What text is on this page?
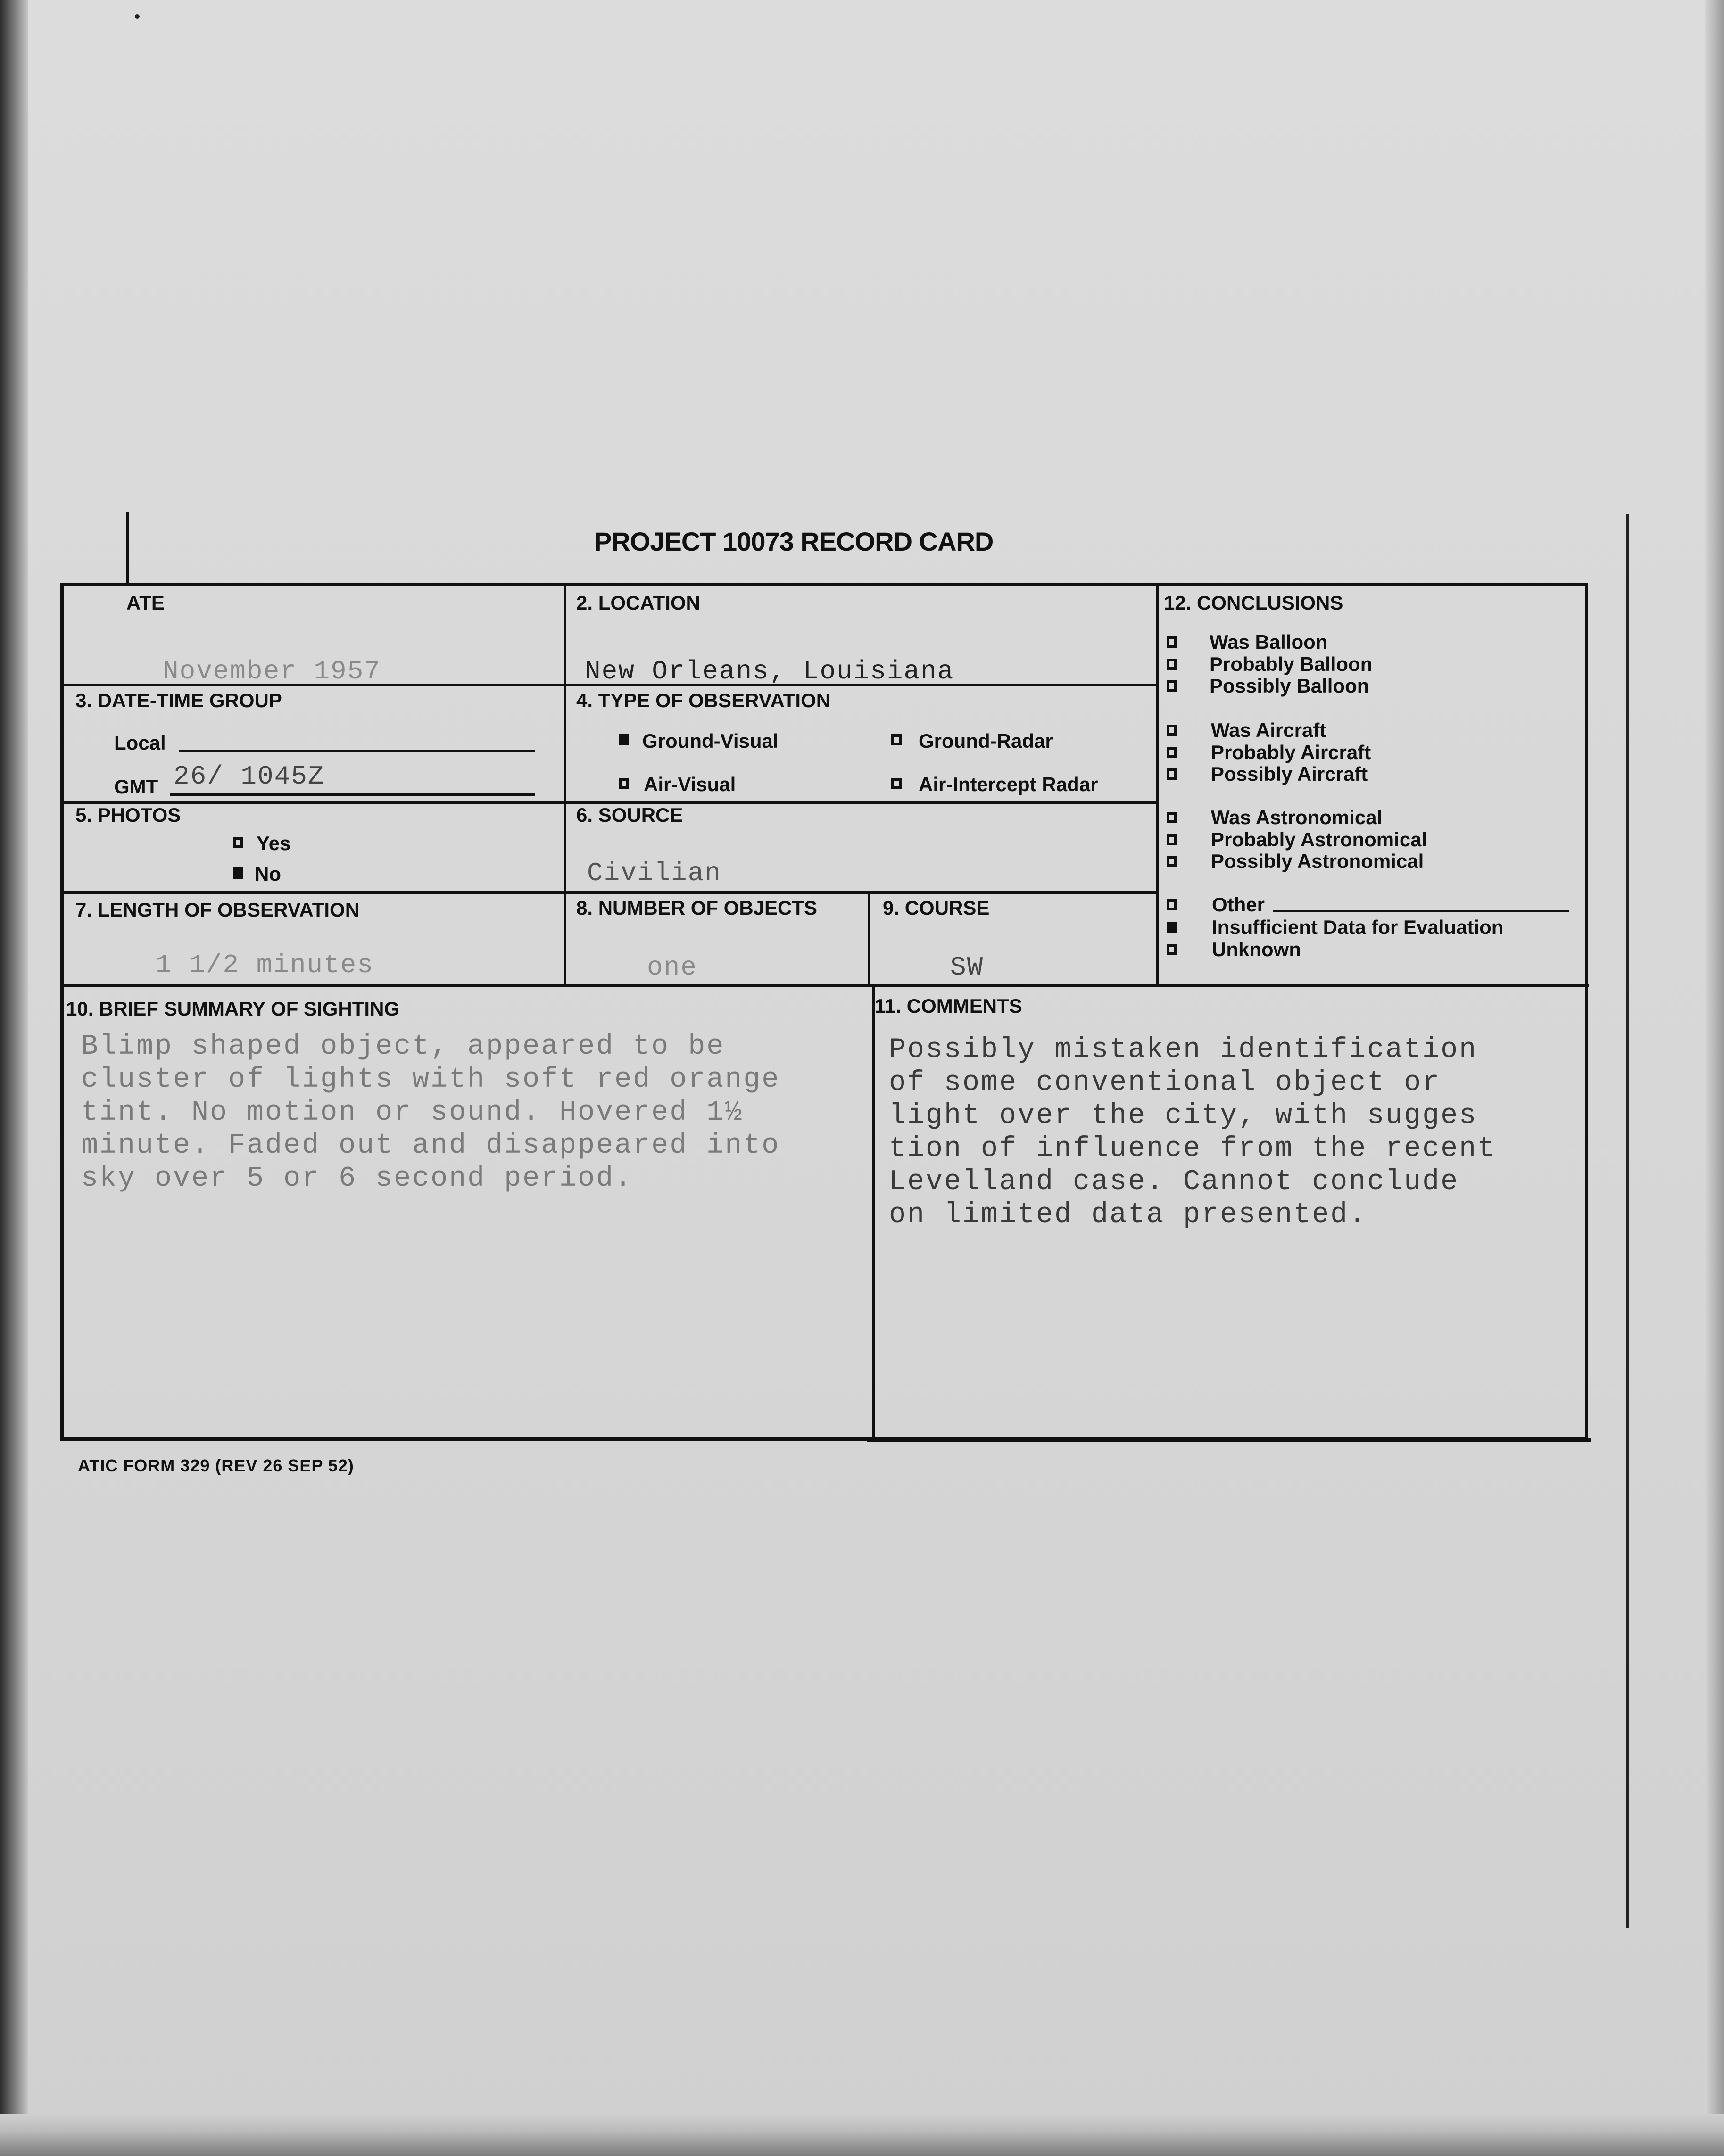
PROJECT 10073 RECORD CARD
ATE
November 1957
2. LOCATION
New Orleans, Louisiana
3. DATE-TIME GROUP
Local
GMT 26/ 1045Z
4. TYPE OF OBSERVATION
Ground-Visual	Ground-Radar
Air-Visual	Air-Intercept Radar
5. PHOTOS
Yes
No
6. SOURCE
Civilian
7. LENGTH OF OBSERVATION
1 1/2 minutes
8. NUMBER OF OBJECTS
one
9. COURSE
SW
10. BRIEF SUMMARY OF SIGHTING
Blimp shaped object, appeared to be
cluster of lights with soft red orange
tint. No motion or sound. Hovered 1½
minute. Faded out and disappeared into
sky over 5 or 6 second period.
11. COMMENTS
Possibly mistaken identification
of some conventional object or
light over the city, with sugges
tion of influence from the recent
Levelland case. Cannot conclude
on limited data presented.
12. CONCLUSIONS
Was Balloon
Probably Balloon
Possibly Balloon
Was Aircraft
Probably Aircraft
Possibly Aircraft
Was Astronomical
Probably Astronomical
Possibly Astronomical
Other
Insufficient Data for Evaluation
Unknown
ATIC FORM 329 (REV 26 SEP 52)
